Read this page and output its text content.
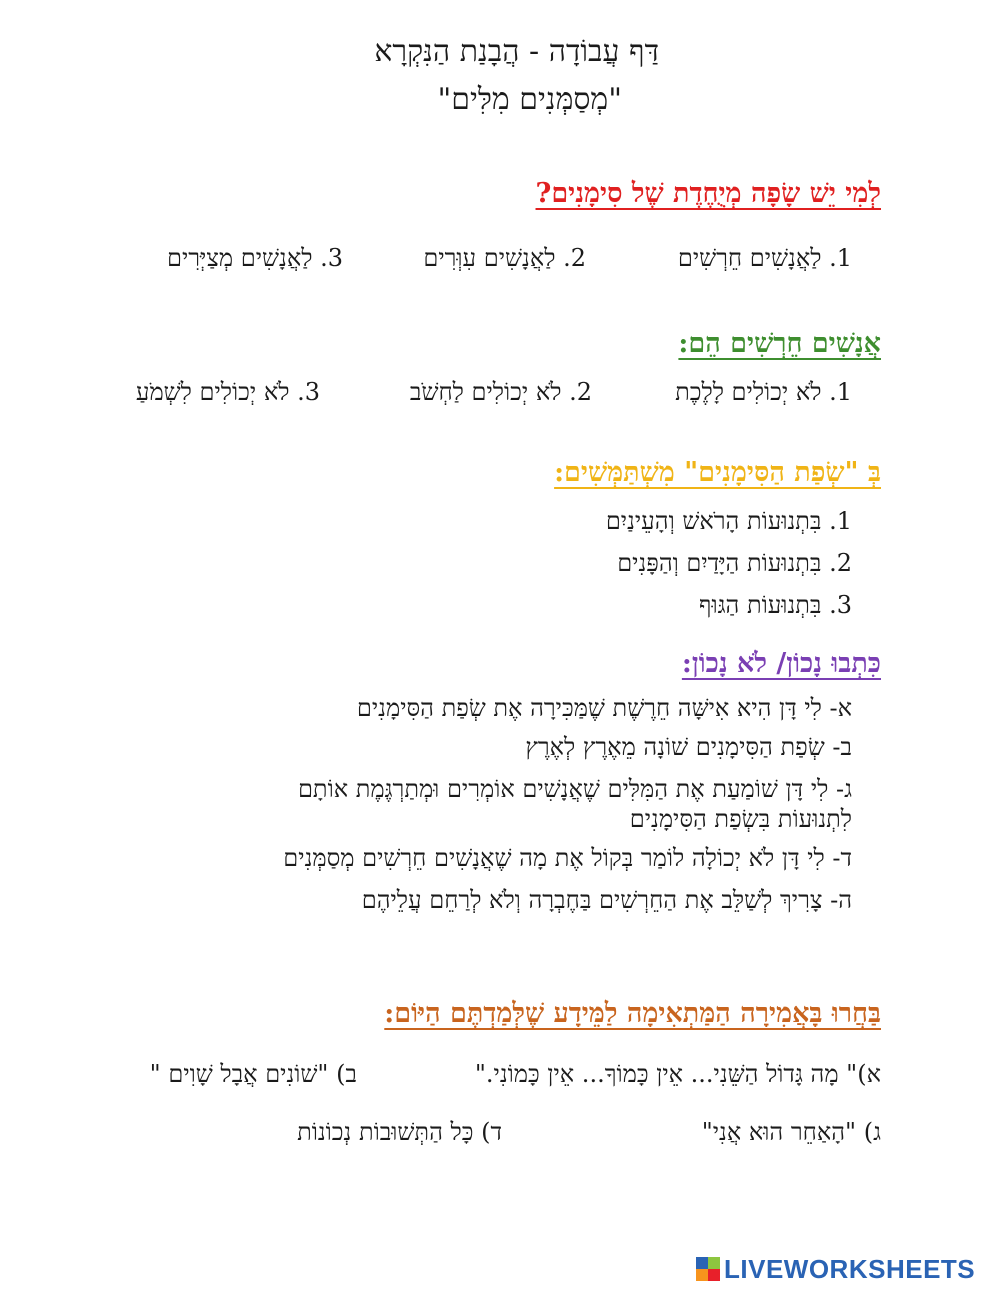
דַּף עֲבוֹדָה - הֲבָנַת הַנִּקְרָא
"מְסַמְּנִים מִלִּים"
לְמִי יֵשׁ שָׂפָה מְיֻחֶדֶת שֶׁל סִימָנִים?
1. לַאֲנָשִׁים חֵרְשִׁים
2. לַאֲנָשִׁים עִוְּרִים
3. לַאֲנָשִׁים מְצַיְּרִים
אֲנָשִׁים חֵרְשִׁים הֵם:
1. לֹא יְכוֹלִים לָלֶכֶת
2. לֹא יְכוֹלִים לַחְשֹׁב
3. לֹא יְכוֹלִים לִשְׁמֹעַ
בְּ "שְׂפַת הַסִּימָנִים" מִשְׁתַּמְּשִׁים:
1. בִּתְנוּעוֹת הָרֹאשׁ וְהָעֵינַיִם
2. בִּתְנוּעוֹת הַיָּדַיִם וְהַפָּנִים
3. בִּתְנוּעוֹת הַגּוּף
כִּתְבוּ נָכוֹן/ לֹא נָכוֹן:
א- לִי דָּן הִיא אִישָּׁה חֵרֶשֶׁת שֶׁמַּכִּירָה אֶת שְׂפַת הַסִּימָנִים
ב- שְׂפַת הַסִּימָנִים שׁוֹנָה מֵאֶרֶץ לְאֶרֶץ
ג- לִי דָּן שׁוֹמַעַת אֶת הַמִּלִּים שֶׁאֲנָשִׁים אוֹמְרִים וּמְתַרְגֶּמֶת אוֹתָם
לִתְנוּעוֹת בִּשְׂפַת הַסִּימָנִים
ד- לִי דָּן לֹא יְכוֹלָה לוֹמַר בְּקוֹל אֶת מָה שֶׁאֲנָשִׁים חֵרְשִׁים מְסַמְּנִים
ה- צָרִיךְ לְשַׁלֵּב אֶת הַחֵרְשִׁים בַּחֶבְרָה וְלֹא לְרַחֵם עֲלֵיהֶם
בַּחֲרוּ בָּאֲמִירָה הַמַּתְאִימָה לַמֵּידָע שֶׁלְּמַדְתֶּם הַיּוֹם:
א)" מָה גָּדוֹל הַשֵּׁנִי... אֵין כָּמוֹךָ... אֵין כָּמוֹנִי."
ב) "שׁוֹנִים אֲבָל שָׁוִים "
ג) "הָאַחֵר הוּא אֲנִי"
ד) כָּל הַתְּשׁוּבוֹת נְכוֹנוֹת
LIVEWORKSHEETS
